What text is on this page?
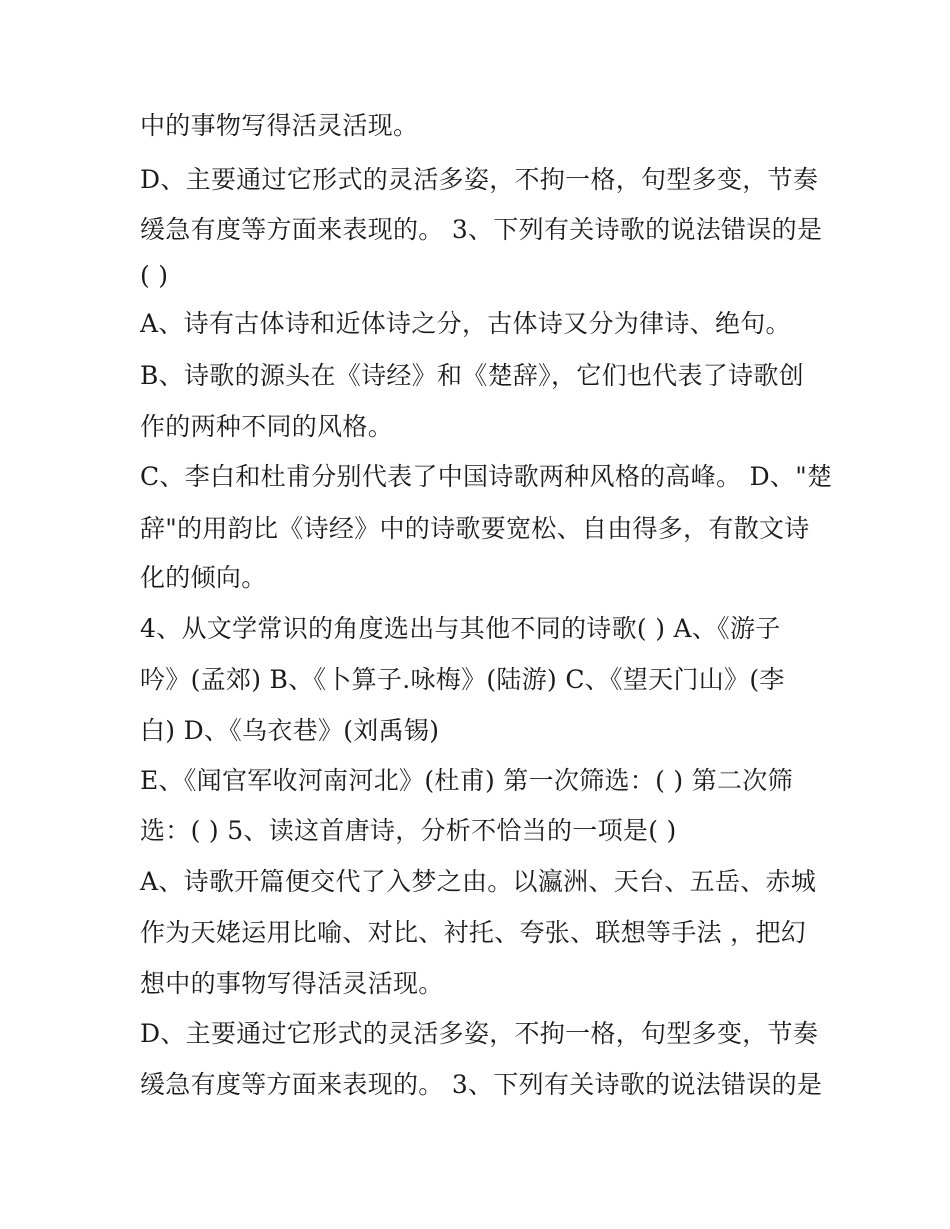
中的事物写得活灵活现。
D、主要通过它形式的灵活多姿，不拘一格，句型多变，节奏
缓急有度等方面来表现的。 3、下列有关诗歌的说法错误的是
( )
A、诗有古体诗和近体诗之分，古体诗又分为律诗、绝句。
B、诗歌的源头在《诗经》和《楚辞》，它们也代表了诗歌创
作的两种不同的风格。
C、李白和杜甫分别代表了中国诗歌两种风格的高峰。 D、"楚
辞"的用韵比《诗经》中的诗歌要宽松、自由得多，有散文诗
化的倾向。
4、从文学常识的角度选出与其他不同的诗歌( ) A、《游子
吟》(孟郊) B、《卜算子.咏梅》(陆游) C、《望天门山》(李
白) D、《乌衣巷》(刘禹锡)
E、《闻官军收河南河北》(杜甫) 第一次筛选：( ) 第二次筛
选：( ) 5、读这首唐诗，分析不恰当的一项是( )
A、诗歌开篇便交代了入梦之由。以瀛洲、天台、五岳、赤城
作为天姥运用比喻、对比、衬托、夸张、联想等手法 ，把幻
想中的事物写得活灵活现。
D、主要通过它形式的灵活多姿，不拘一格，句型多变，节奏
缓急有度等方面来表现的。 3、下列有关诗歌的说法错误的是
